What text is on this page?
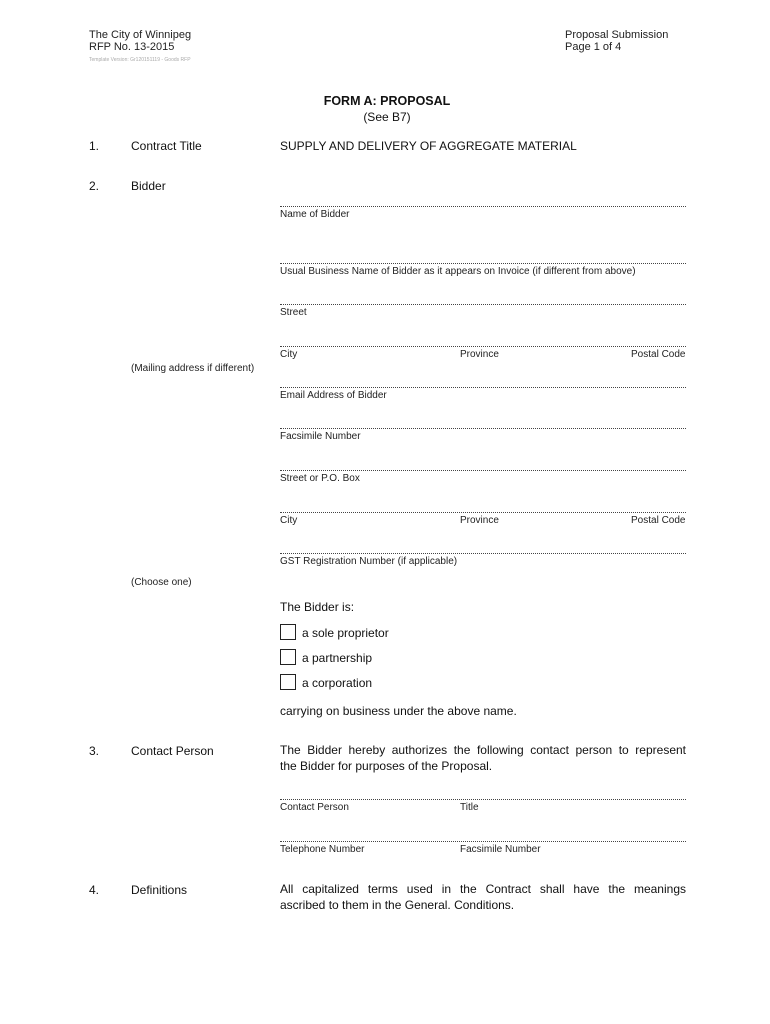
The City of Winnipeg
RFP No. 13-2015
Template Version: Gr120151119 - Goods RFP
Proposal Submission
Page 1 of 4
FORM A: PROPOSAL
(See B7)
1.	Contract Title	SUPPLY AND DELIVERY OF AGGREGATE MATERIAL
2.	Bidder
Name of Bidder
Usual Business Name of Bidder as it appears on Invoice (if different from above)
Street
City	Province	Postal Code
(Mailing address if different)
Email Address of Bidder
Facsimile Number
Street or P.O. Box
City	Province	Postal Code
GST Registration Number (if applicable)
(Choose one)
The Bidder is:
a sole proprietor
a partnership
a corporation
carrying on business under the above name.
3.	Contact Person	The Bidder hereby authorizes the following contact person to represent
the Bidder for purposes of the Proposal.
Contact Person	Title
Telephone Number	Facsimile Number
4.	Definitions	All capitalized terms used in the Contract shall have the meanings
ascribed to them in the General. Conditions.
